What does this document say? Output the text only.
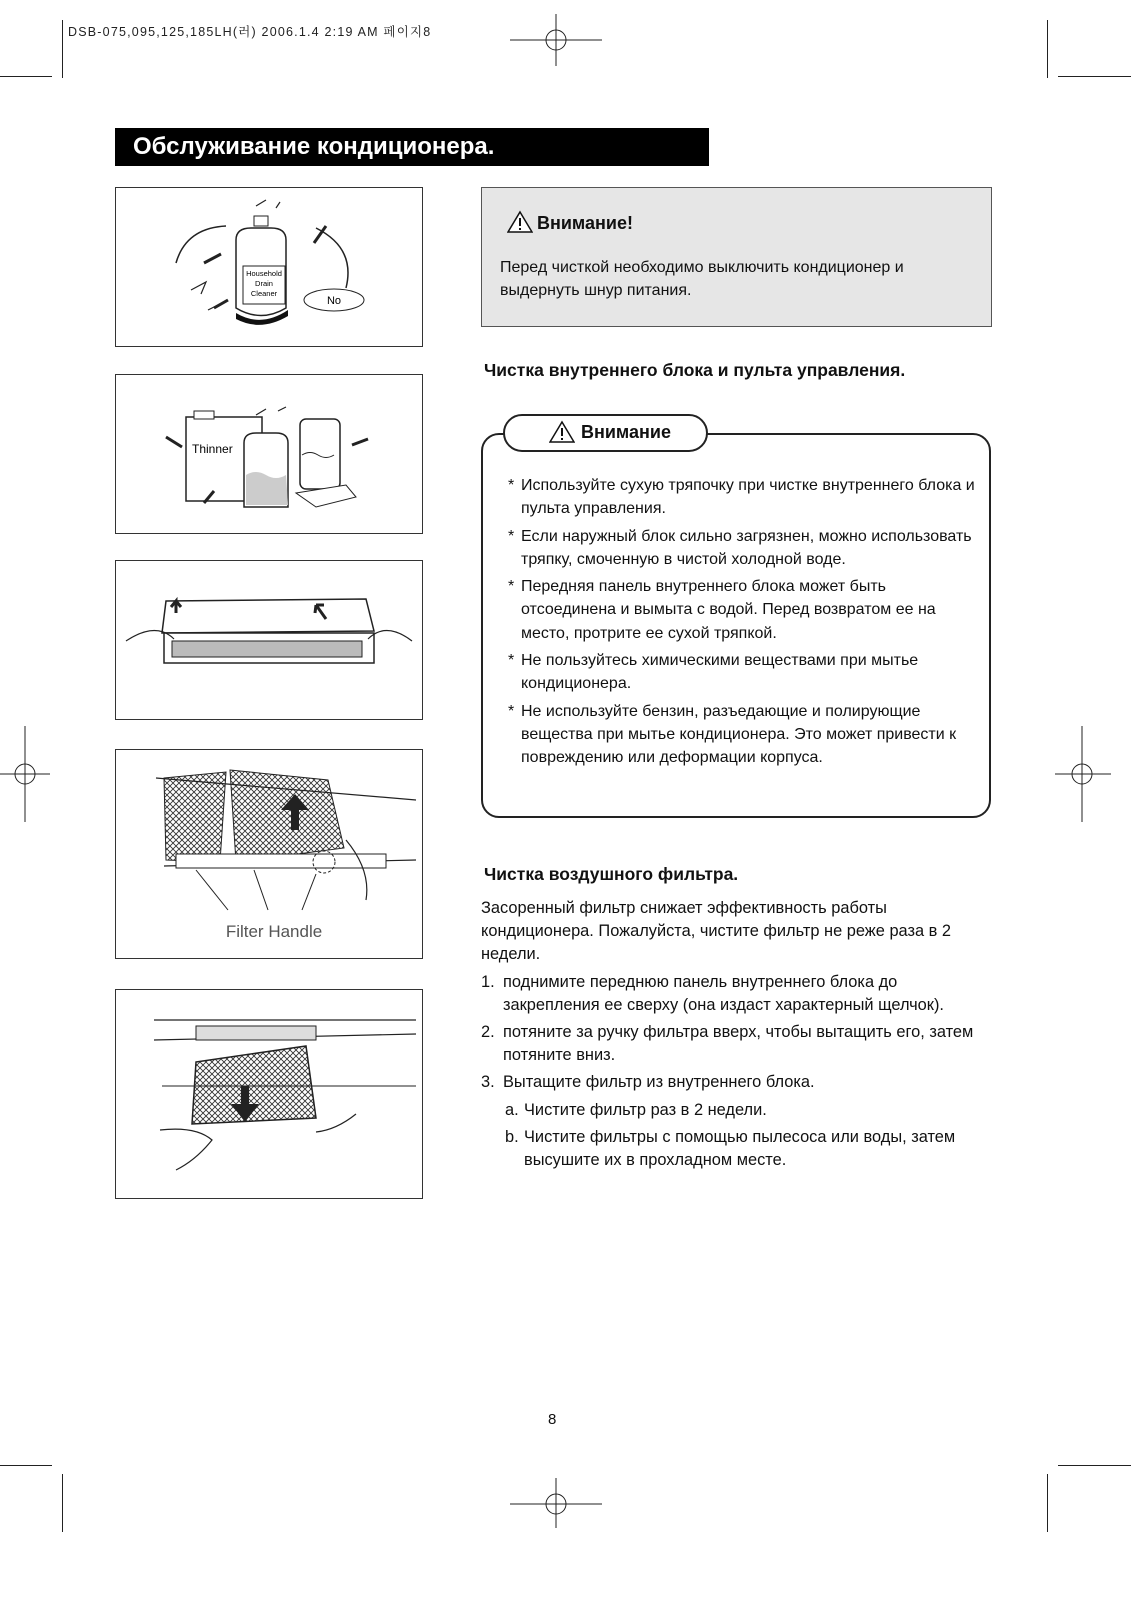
DSB-075,095,125,185LH(러) 2006.1.4 2:19 AM 페이지8
Обслуживание кондиционера.
Household
Drain
Cleaner
No
Thinner
Filter Handle
Внимание!
Перед чисткой необходимо выключить кондиционер и выдернуть шнур питания.
Чистка внутреннего блока и пульта управления.
Внимание
* Используйте сухую тряпочку при чистке внутреннего блока и пульта управления.
* Если наружный блок сильно загрязнен, можно использовать тряпку, смоченную в чистой холодной воде.
* Передняя панель внутреннего блока может быть отсоединена и вымыта с водой. Перед возвратом ее на место, протрите ее сухой тряпкой.
* Не пользуйтесь химическими веществами при мытье кондиционера.
* Не используйте бензин, разъедающие и полирующие вещества при мытье кондиционера. Это может привести к повреждению или деформации корпуса.
Чистка воздушного фильтра.
Засоренный фильтр снижает эффективность работы кондиционера. Пожалуйста, чистите фильтр не реже раза в 2 недели.
1. поднимите переднюю панель внутреннего блока до закрепления ее сверху (она издаст характерный щелчок).
2. потяните за ручку фильтра вверх, чтобы вытащить его, затем потяните вниз.
3. Вытащите фильтр из внутреннего блока.
a. Чистите фильтр раз в 2 недели.
b. Чистите фильтры с помощью пылесоса или воды, затем высушите их в прохладном месте.
8
